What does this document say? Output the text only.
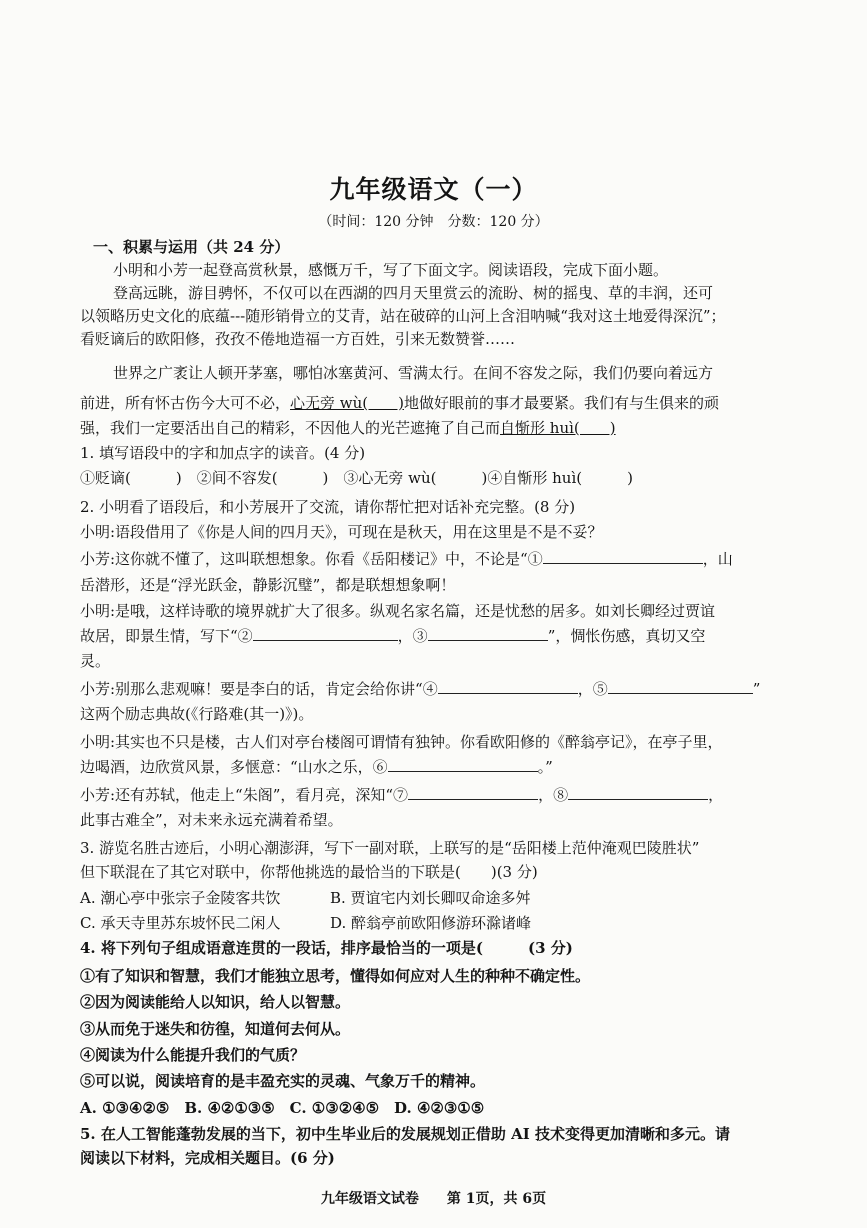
九年级语文（一）
（时间：120 分钟　分数：120 分）
一、积累与运用（共 24 分）
小明和小芳一起登高赏秋景，感慨万千，写了下面文字。阅读语段，完成下面小题。
登高远眺，游目骋怀，不仅可以在西湖的四月天里赏云的流盼、树的摇曳、草的丰润，还可
以领略历史文化的底蕴---随形销骨立的艾青，站在破碎的山河上含泪呐喊“我对这土地爱得深沉”；
看贬谪后的欧阳修，孜孜不倦地造福一方百姓，引来无数赞誉……
世界之广袤让人顿开茅塞，哪怕冰塞黄河、雪满太行。在间不容发之际，我们仍要向着远方
前进，所有怀古伤今大可不必，心无旁 wù(　　)地做好眼前的事才最要紧。我们有与生俱来的顽
强，我们一定要活出自己的精彩，不因他人的光芒遮掩了自己而自惭形 huì(　　)
1. 填写语段中的字和加点字的读音。(4 分)
①贬谪(　　　)　②间不容发(　　　)　③心无旁 wù(　　　)④自惭形 huì(　　　)
2. 小明看了语段后，和小芳展开了交流，请你帮忙把对话补充完整。(8 分)
小明:语段借用了《你是人间的四月天》，可现在是秋天，用在这里是不是不妥？
小芳:这你就不懂了，这叫联想想象。你看《岳阳楼记》中，不论是“①	，山
岳潜形，还是“浮光跃金，静影沉璧”，都是联想想象啊！
小明:是哦，这样诗歌的境界就扩大了很多。纵观名家名篇，还是忧愁的居多。如刘长卿经过贾谊
故居，即景生情，写下“②	，③	”，惆怅伤感，真切又空
灵。
小芳:别那么悲观嘛！要是李白的话，肯定会给你讲“④	，⑤	”
这两个励志典故(《行路难(其一)》)。
小明:其实也不只是楼，古人们对亭台楼阁可谓情有独钟。你看欧阳修的《醉翁亭记》，在亭子里，
边喝酒，边欣赏风景，多惬意：“山水之乐，⑥	。”
小芳:还有苏轼，他走上“朱阁”，看月亮，深知“⑦	，⑧	，
此事古难全”，对未来永远充满着希望。
3. 游览名胜古迹后，小明心潮澎湃，写下一副对联，上联写的是“岳阳楼上范仲淹观巴陵胜状”
但下联混在了其它对联中，你帮他挑选的最恰当的下联是(　　)(3 分)
A. 潮心亭中张宗子金陵客共饮	B. 贾谊宅内刘长卿叹命途多舛
C. 承天寺里苏东坡怀民二闲人	D. 醉翁亭前欧阳修游环滁诸峰
4. 将下列句子组成语意连贯的一段话，排序最恰当的一项是(　　　(3 分)
①有了知识和智慧，我们才能独立思考，懂得如何应对人生的种种不确定性。
②因为阅读能给人以知识，给人以智慧。
③从而免于迷失和彷徨，知道何去何从。
④阅读为什么能提升我们的气质？
⑤可以说，阅读培育的是丰盈充实的灵魂、气象万千的精神。
A. ①③④②⑤　B. ④②①③⑤　C. ①③②④⑤　D. ④②③①⑤
5. 在人工智能蓬勃发展的当下，初中生毕业后的发展规划正借助 AI 技术变得更加清晰和多元。请
阅读以下材料，完成相关题目。(6 分)
九年级语文试卷　　第 1页，共 6页
